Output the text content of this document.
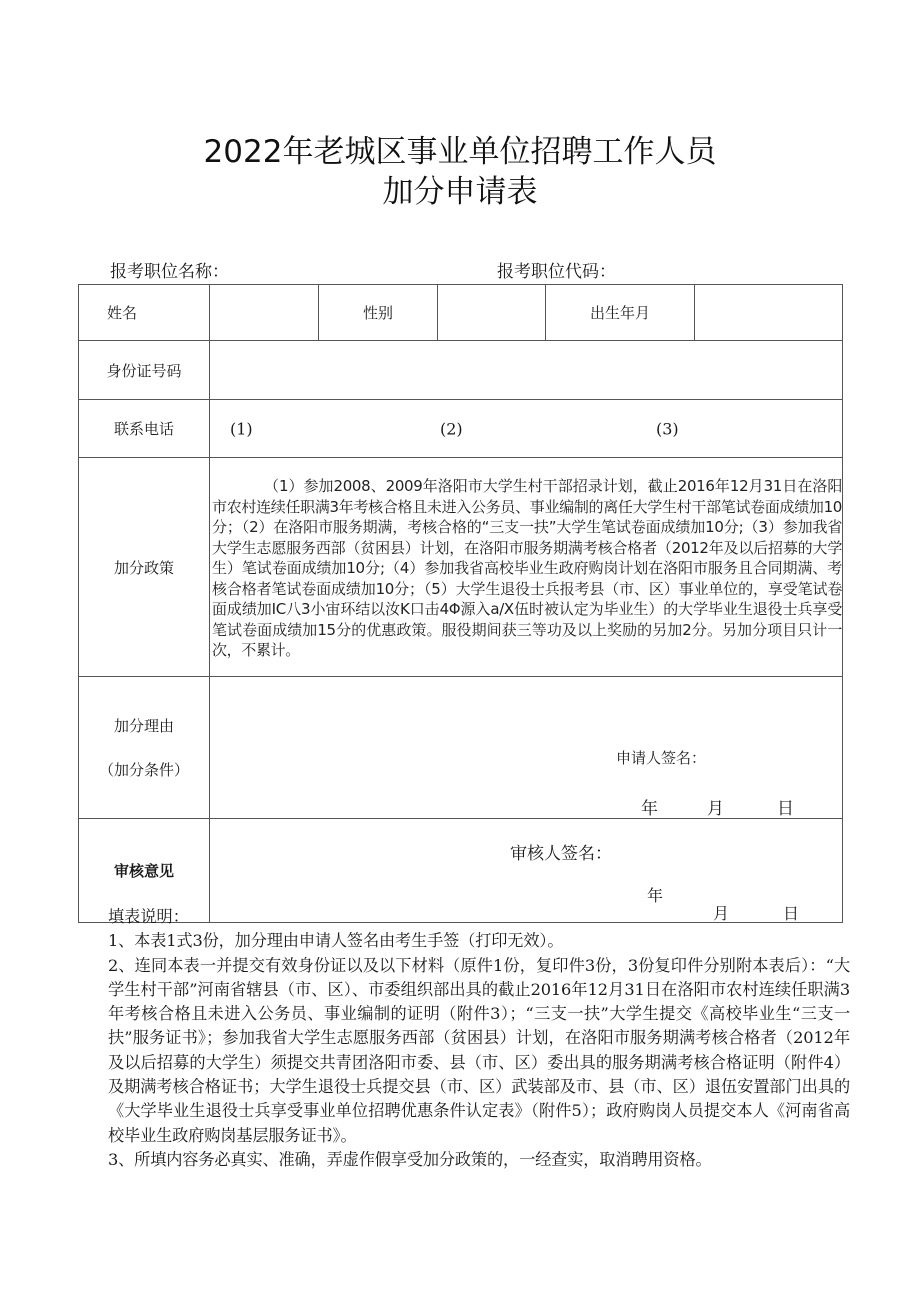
2022年老城区事业单位招聘工作人员
加分申请表
报考职位名称：	报考职位代码：
姓名		性别		出生年月	
身份证号码					
联系电话	(1) (2) (3)				

加分政策	（1）参加2008、2009年洛阳市大学生村干部招录计划，截止2016年12月31日在洛阳市农村连续任职满3年考核合格且未进入公务员、事业编制的离任大学生村干部笔试卷面成绩加10分；（2）在洛阳市服务期满，考核合格的“三支一扶”大学生笔试卷面成绩加10分;（3）参加我省大学生志愿服务西部（贫困县）计划，在洛阳市服务期满考核合格者（2012年及以后招募的大学生）笔试卷面成绩加10分;（4）参加我省高校毕业生政府购岗计划在洛阳市服务且合同期满、考核合格者笔试卷面成绩加10分；（5）大学生退役士兵报考县（市、区）事业单位的，享受笔试卷面成绩加IC八3小宙环结以汝K口击4Φ源入a/X伍时被认定为毕业生）的大学毕业生退役士兵享受笔试卷面成绩加15分的优惠政策。服役期间获三等功及以上奖励的另加2分。另加分项目只计一次，不累计。				

加分理由
（加分条件）

申请人签名：
年	月	日

审核意见	审核人签名：
年
月 日				
填表说明：
1、本表1式3份，加分理由申请人签名由考生手签（打印无效）。
2、连同本表一并提交有效身份证以及以下材料（原件1份，复印件3份，3份复印件分别附本表后）：“大学生村干部”河南省辖县（市、区）、市委组织部出具的截止2016年12月31日在洛阳市农村连续任职满3年考核合格且未进入公务员、事业编制的证明（附件3）；“三支一扶”大学生提交《高校毕业生“三支一扶”服务证书》；参加我省大学生志愿服务西部（贫困县）计划，在洛阳市服务期满考核合格者（2012年及以后招募的大学生）须提交共青团洛阳市委、县（市、区）委出具的服务期满考核合格证明（附件4）及期满考核合格证书；大学生退役士兵提交县（市、区）武装部及市、县（市、区）退伍安置部门出具的《大学毕业生退役士兵享受事业单位招聘优惠条件认定表》（附件5）；政府购岗人员提交本人《河南省高校毕业生政府购岗基层服务证书》。
3、所填内容务必真实、准确，弄虚作假享受加分政策的，一经查实，取消聘用资格。
